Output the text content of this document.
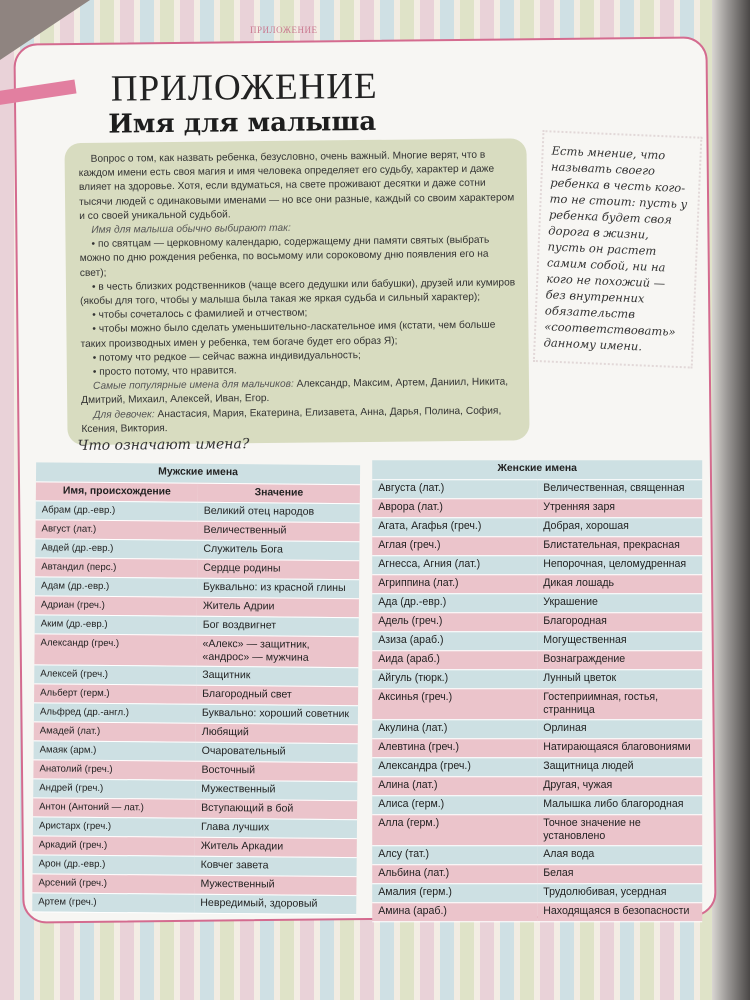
ПРИЛОЖЕНИЕ
ПРИЛОЖЕНИЕ
Имя для малыша

Вопрос о том, как назвать ребенка, безусловно, очень важный. Многие верят, что в каждом имени есть своя магия и имя человека определяет его судьбу, характер и даже влияет на здоровье. Хотя, если вдуматься, на свете проживают десятки и даже сотни тысячи людей с одинаковыми именами — но все они разные, каждый со своим характером и со своей уникальной судьбой.

Имя для малыша обычно выбирают так:

• по святцам — церковному календарю, содержащему дни памяти святых (выбрать можно по дню рождения ребенка, по восьмому или сороковому дню появления его на свет);

• в честь близких родственников (чаще всего дедушки или бабушки), друзей или кумиров (якобы для того, чтобы у малыша была такая же яркая судьба и сильный характер);

• чтобы сочеталось с фамилией и отчеством;

• чтобы можно было сделать уменьшительно-ласкательное имя (кстати, чем больше таких производных имен у ребенка, тем богаче будет его образ Я);

• потому что редкое — сейчас важна индивидуальность;

• просто потому, что нравится.

Самые популярные имена для мальчиков: Александр, Максим, Артем, Даниил, Никита, Дмитрий, Михаил, Алексей, Иван, Егор.

Для девочек: Анастасия, Мария, Екатерина, Елизавета, Анна, Дарья, Полина, София, Ксения, Виктория.

Есть мнение, что называть своего ребенка в честь кого-то не стоит: пусть у ребенка будет своя дорога в жизни, пусть он растет самим собой, ни на кого не похожий — без внутренних обязательств «соответствовать» данному имени.
Что означают имена?
Мужские имена	
Имя, происхождение	Значение
Абрам (др.-евр.)	Великий отец народов
Август (лат.)	Величественный
Авдей (др.-евр.)	Служитель Бога
Автандил (перс.)	Сердце родины
Адам (др.-евр.)	Буквально: из красной глины
Адриан (греч.)	Житель Адрии
Аким (др.-евр.)	Бог воздвигнет
Александр (греч.)	«Алекс» — защитник, «андрос» — мужчина
Алексей (греч.)	Защитник
Альберт (герм.)	Благородный свет
Альфред (др.-англ.)	Буквально: хороший советник
Амадей (лат.)	Любящий
Амаяк (арм.)	Очаровательный
Анатолий (греч.)	Восточный
Андрей (греч.)	Мужественный
Антон (Антоний — лат.)	Вступающий в бой
Аристарх (греч.)	Глава лучших
Аркадий (греч.)	Житель Аркадии
Арон (др.-евр.)	Ковчег завета
Арсений (греч.)	Мужественный
Артем (греч.)	Невредимый, здоровый
Женские имена	
Августа (лат.)	Величественная, священная
Аврора (лат.)	Утренняя заря
Агата, Агафья (греч.)	Добрая, хорошая
Аглая (греч.)	Блистательная, прекрасная
Агнесса, Агния (лат.)	Непорочная, целомудренная
Агриппина (лат.)	Дикая лошадь
Ада (др.-евр.)	Украшение
Адель (греч.)	Благородная
Азиза (араб.)	Могущественная
Аида (араб.)	Вознаграждение
Айгуль (тюрк.)	Лунный цветок
Аксинья (греч.)	Гостеприимная, гостья, странница
Акулина (лат.)	Орлиная
Алевтина (греч.)	Натирающаяся благовониями
Александра (греч.)	Защитница людей
Алина (лат.)	Другая, чужая
Алиса (герм.)	Малышка либо благородная
Алла (герм.)	Точное значение не установлено
Алсу (тат.)	Алая вода
Альбина (лат.)	Белая
Амалия (герм.)	Трудолюбивая, усердная
Амина (араб.)	Находящаяся в безопасности
